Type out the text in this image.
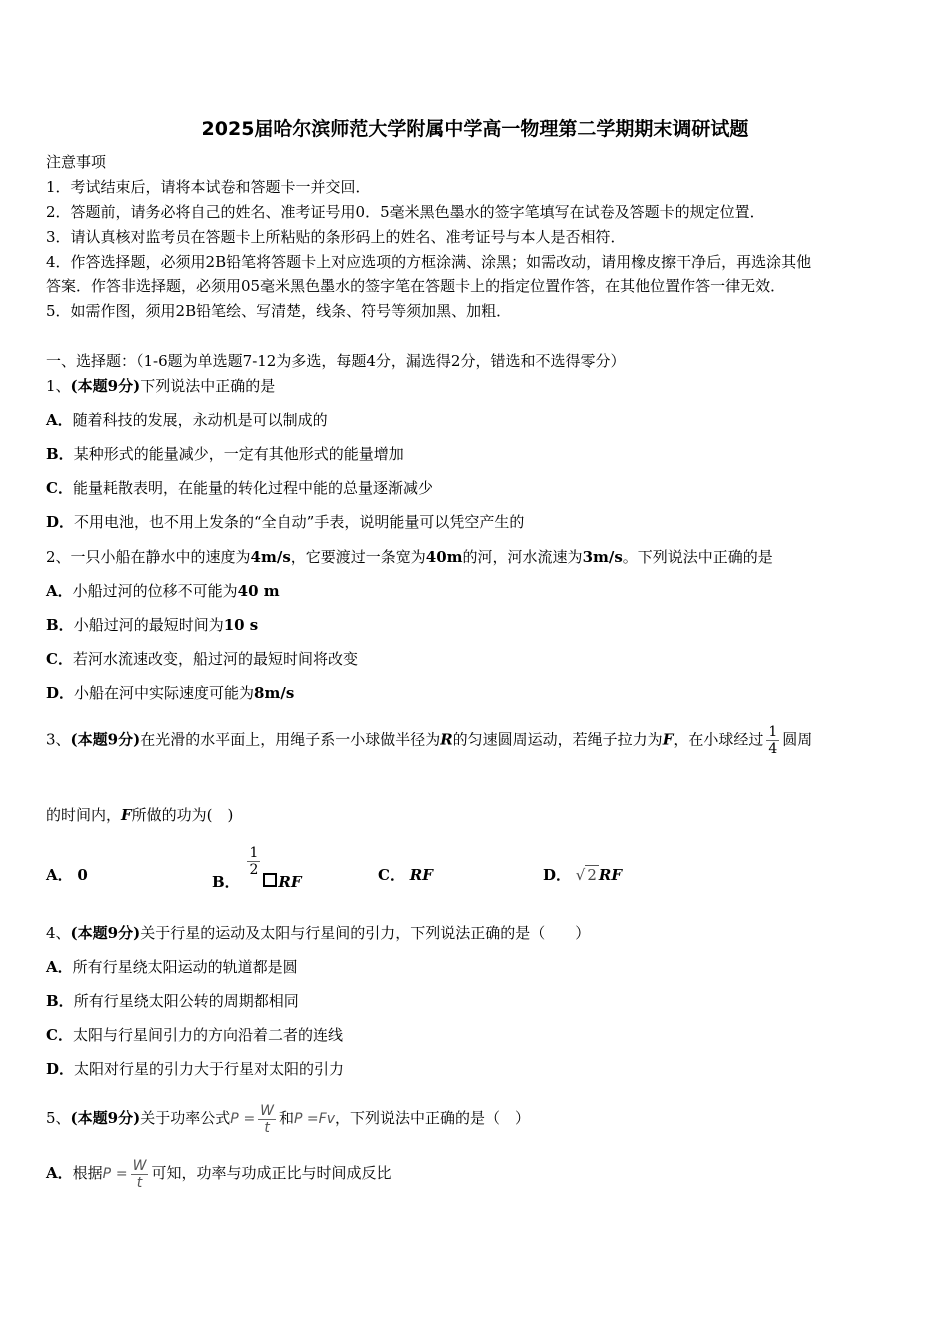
2025届哈尔滨师范大学附属中学高一物理第二学期期末调研试题
注意事项
1．考试结束后，请将本试卷和答题卡一并交回．
2．答题前，请务必将自己的姓名、准考证号用0．5毫米黑色墨水的签字笔填写在试卷及答题卡的规定位置．
3．请认真核对监考员在答题卡上所粘贴的条形码上的姓名、准考证号与本人是否相符．
4．作答选择题，必须用2B铅笔将答题卡上对应选项的方框涂满、涂黑；如需改动，请用橡皮擦干净后，再选涂其他
答案．作答非选择题，必须用05毫米黑色墨水的签字笔在答题卡上的指定位置作答，在其他位置作答一律无效．
5．如需作图，须用2B铅笔绘、写清楚，线条、符号等须加黑、加粗．
一、选择题：（1-6题为单选题7-12为多选，每题4分，漏选得2分，错选和不选得零分）
1、(本题9分)下列说法中正确的是
A．随着科技的发展，永动机是可以制成的
B．某种形式的能量减少，一定有其他形式的能量增加
C．能量耗散表明，在能量的转化过程中能的总量逐渐减少
D．不用电池，也不用上发条的“全自动”手表，说明能量可以凭空产生的
2、一只小船在静水中的速度为4m/s，它要渡过一条宽为40m的河，河水流速为3m/s。下列说法中正确的是
A．小船过河的位移不可能为40 m
B．小船过河的最短时间为10 s
C．若河水流速改变，船过河的最短时间将改变
D．小船在河中实际速度可能为8m/s
3、(本题9分)在光滑的水平面上，用绳子系一小球做半径为R的匀速圆周运动，若绳子拉力为F，在小球经过 $\frac{1}{4}$ 圆周
的时间内，F所做的功为(　)
A． 0	B．
$\frac{1}{2}$
RF	C． RF	D． √ 2 RF
4、(本题9分)关于行星的运动及太阳与行星间的引力，下列说法正确的是（　　）
A．所有行星绕太阳运动的轨道都是圆
B．所有行星绕太阳公转的周期都相同
C．太阳与行星间引力的方向沿着二者的连线
D．太阳对行星的引力大于行星对太阳的引力
5、(本题9分)关于功率公式$P = \frac{W}{t}$ 和P =Fv，下列说法中正确的是（　）
A．根据$P = \frac{W}{t}$ 可知，功率与功成正比与时间成反比
